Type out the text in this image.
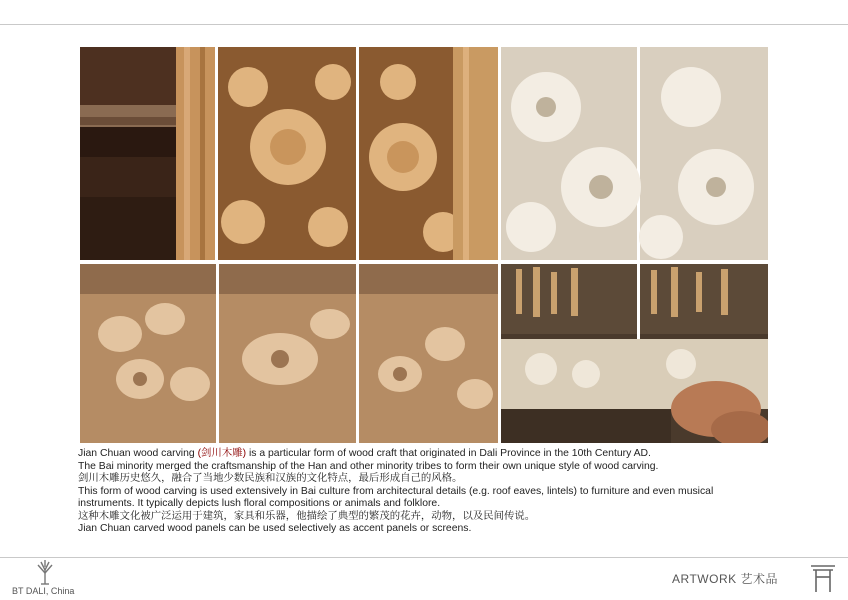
Jian Chuan wood carving (剑川木雕) is a particular form of wood craft that originated in Dali Province in the 10th Century AD.

The Bai minority merged the craftsmanship of the Han and other minority tribes to form their own unique style of wood carving.

剑川木雕历史悠久，融合了当地少数民族和汉族的文化特点，最后形成自己的风格。

This form of wood carving is used extensively in Bai culture from architectural details (e.g. roof eaves, lintels) to furniture and even musical

instruments. It typically depicts lush floral compositions or animals and folklore.

这种木雕文化被广泛运用于建筑，家具和乐器，他描绘了典型的繁茂的花卉，动物，以及民间传说。

Jian Chuan carved wood panels can be used selectively as accent panels or screens.

BT DALI, China
ARTWORK 艺术品
